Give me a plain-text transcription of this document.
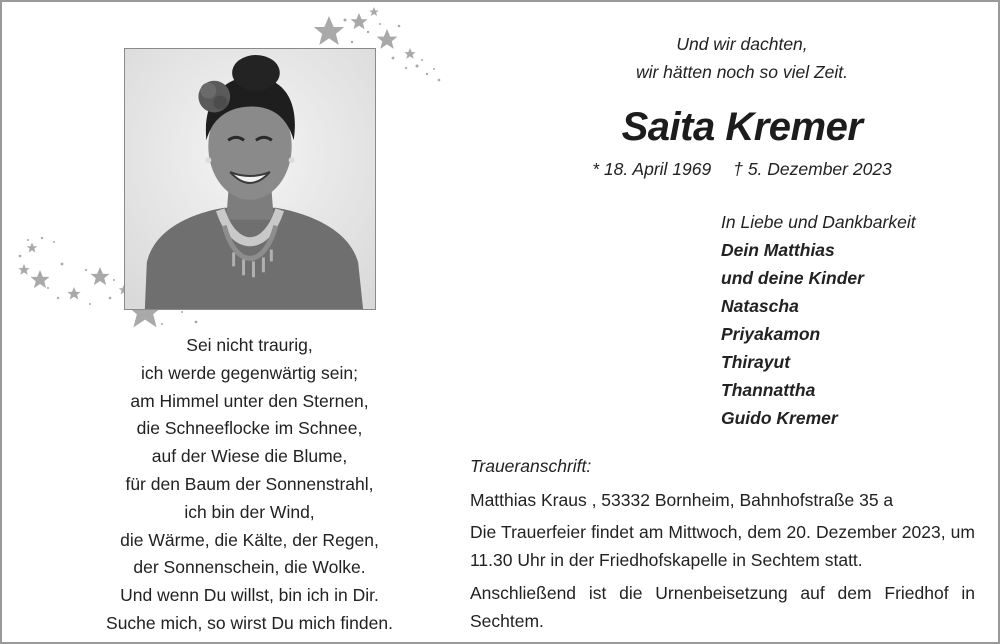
Sei nicht traurig,
ich werde gegenwärtig sein;
am Himmel unter den Sternen,
die Schneeflocke im Schnee,
auf der Wiese die Blume,
für den Baum der Sonnenstrahl,
ich bin der Wind,
die Wärme, die Kälte, der Regen,
der Sonnenschein, die Wolke.
Und wenn Du willst, bin ich in Dir.
Suche mich, so wirst Du mich finden.
Und wir dachten,
wir hätten noch so viel Zeit.
Saita Kremer
* 18. April 1969 † 5. Dezember 2023
In Liebe und Dankbarkeit
Dein Matthias
und deine Kinder
Natascha
Priyakamon
Thirayut
Thannattha
Guido Kremer
Traueranschrift:
Matthias Kraus , 53332 Bornheim, Bahnhofstraße 35 a
Die Trauerfeier findet am Mittwoch, dem 20. Dezember 2023, um 11.30 Uhr in der Friedhofskapelle in Sechtem statt.
Anschließend ist die Urnenbeisetzung auf dem Friedhof in Sechtem.
